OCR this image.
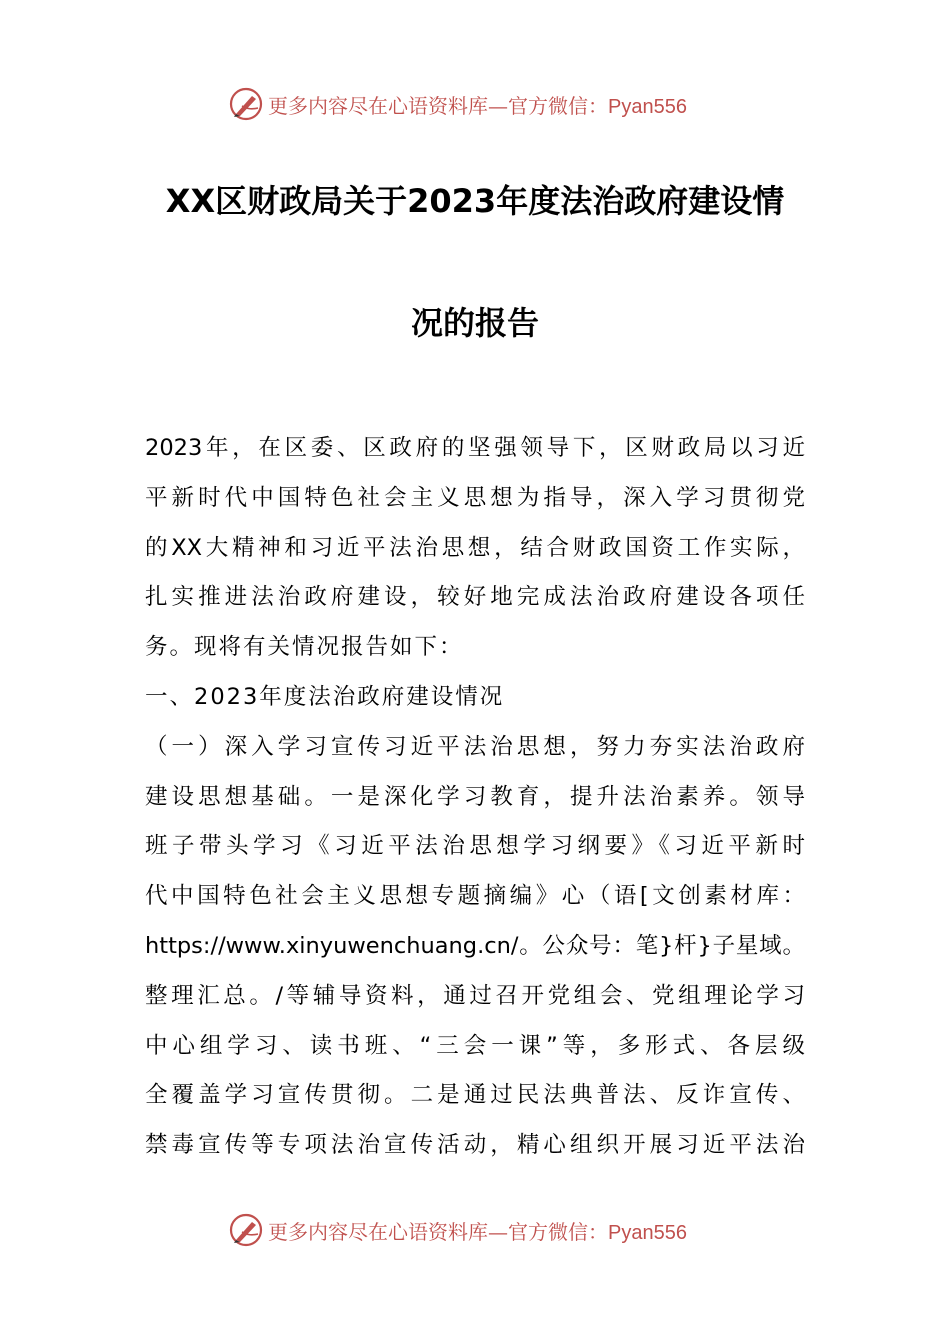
更多内容尽在心语资料库—官方微信：Pyan556
XX区财政局关于2023年度法治政府建设情
况的报告
2023年，在区委、区政府的坚强领导下，区财政局以习近
平新时代中国特色社会主义思想为指导，深入学习贯彻党
的XX大精神和习近平法治思想，结合财政国资工作实际，
扎实推进法治政府建设，较好地完成法治政府建设各项任
务。现将有关情况报告如下：
一、2023年度法治政府建设情况
（一）深入学习宣传习近平法治思想，努力夯实法治政府
建设思想基础。一是深化学习教育，提升法治素养。领导
班子带头学习《习近平法治思想学习纲要》《习近平新时
代中国特色社会主义思想专题摘编》心（语[文创素材库：
https://www.xinyuwenchuang.cn/。公众号：笔}杆}子星域。
整理汇总。/等辅导资料，通过召开党组会、党组理论学习
中心组学习、读书班、“三会一课”等，多形式、各层级
全覆盖学习宣传贯彻。二是通过民法典普法、反诈宣传、
禁毒宣传等专项法治宣传活动，精心组织开展习近平法治
更多内容尽在心语资料库—官方微信：Pyan556
